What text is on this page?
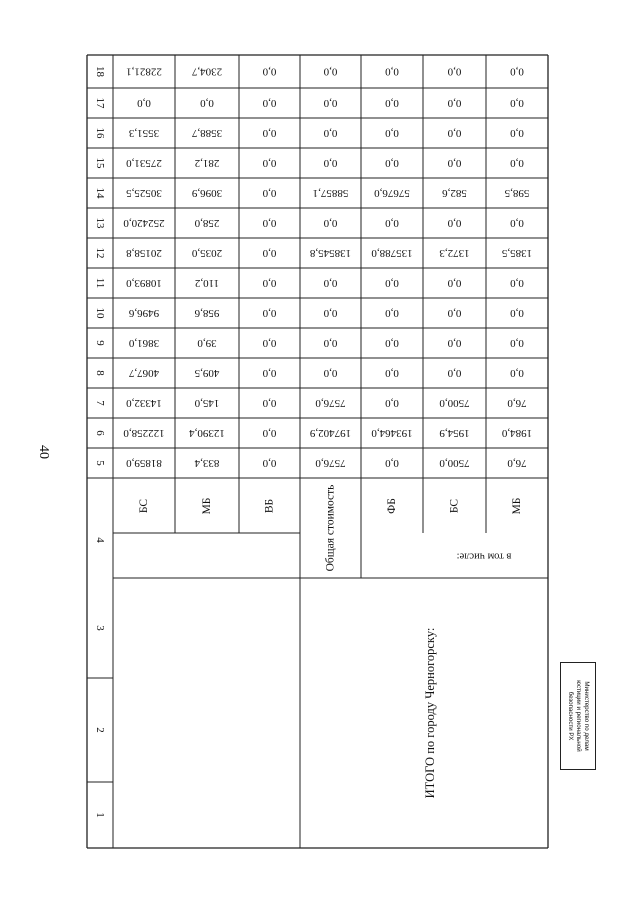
40
1
2
3
4
5
6
7
8
9
10
11
12
13
14
15
16
17
18
БС
81859,0
122258,0
14332,0
4067,7
3861,0
9496,6
10893,0
20158,8
252420,0
30525,5
27531,0
3551,3
0,0
22821,1
МБ
833,4
12390,4
145,0
409,5
39,0
958,6
110,2
2035,0
258,0
3096,9
281,2
3588,7
0,0
2304,7
ВБ
0,0
0,0
0,0
0,0
0,0
0,0
0,0
0,0
0,0
0,0
0,0
0,0
0,0
0,0
Общая стоимость
7576,0
197402,9
7576,0
0,0
0,0
0,0
0,0
138545,8
0,0
58857,1
0,0
0,0
0,0
0,0
ФБ
0,0
193464,0
0,0
0,0
0,0
0,0
0,0
135788,0
0,0
57676,0
0,0
0,0
0,0
0,0
БС
7500,0
1954,9
7500,0
0,0
0,0
0,0
0,0
1372,3
0,0
582,6
0,0
0,0
0,0
0,0
МБ
76,0
1984,0
76,0
0,0
0,0
0,0
0,0
1385,5
0,0
598,5
0,0
0,0
0,0
0,0
в том числе:
ИТОГО по городу Черногорску:	Министерство по делам
юстиции и региональной
безопасности РХ
